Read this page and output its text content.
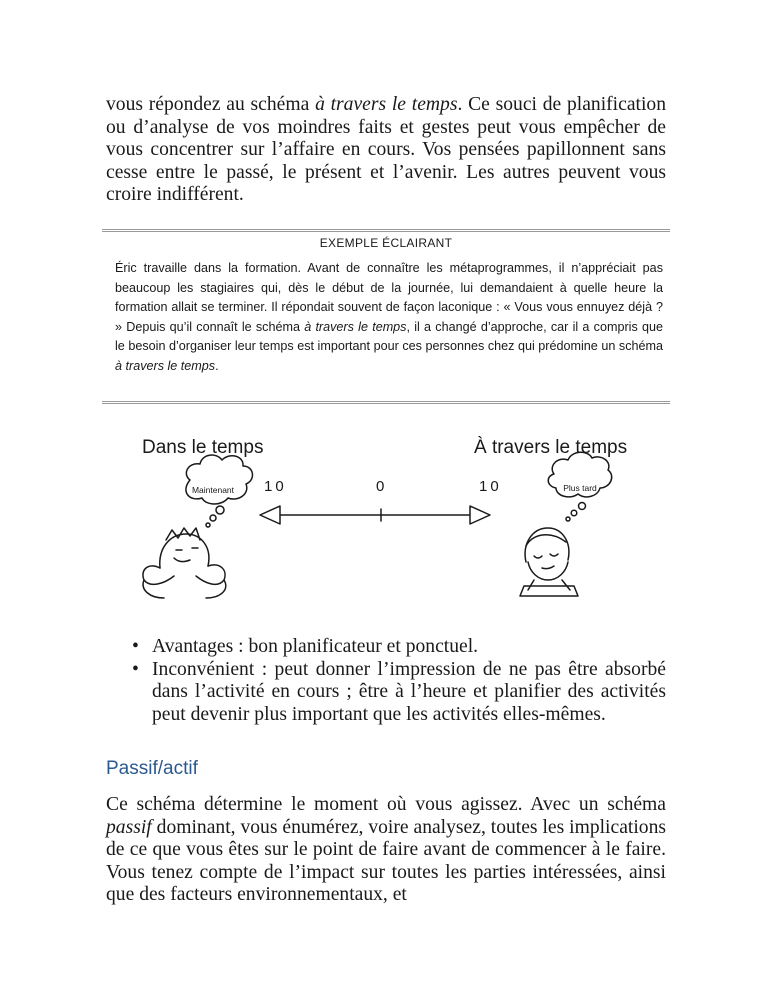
vous répondez au schéma à travers le temps. Ce souci de planification ou d’analyse de vos moindres faits et gestes peut vous empêcher de vous concentrer sur l’affaire en cours. Vos pensées papillonnent sans cesse entre le passé, le présent et l’avenir. Les autres peuvent vous croire indifférent.

EXEMPLE ÉCLAIRANT

Éric travaille dans la formation. Avant de connaître les métaprogrammes, il n’appréciait pas beaucoup les stagiaires qui, dès le début de la journée, lui demandaient à quelle heure la formation allait se terminer. Il répondait souvent de façon laconique : « Vous vous ennuyez déjà ? » Depuis qu’il connaît le schéma à travers le temps, il a changé d’approche, car il a compris que le besoin d’organiser leur temps est important pour ces personnes chez qui prédomine un schéma à travers le temps.

Dans le temps	À travers le temps
10	0	10
Maintenant	Plus tard
• Avantages : bon planificateur et ponctuel.
• Inconvénient : peut donner l’impression de ne pas être absorbé dans l’activité en cours ; être à l’heure et planifier des activités peut devenir plus important que les activités elles-mêmes.
Passif/actif

Ce schéma détermine le moment où vous agissez. Avec un schéma passif dominant, vous énumérez, voire analysez, toutes les implications de ce que vous êtes sur le point de faire avant de commencer à le faire. Vous tenez compte de l’impact sur toutes les parties intéressées, ainsi que des facteurs environnementaux, et
